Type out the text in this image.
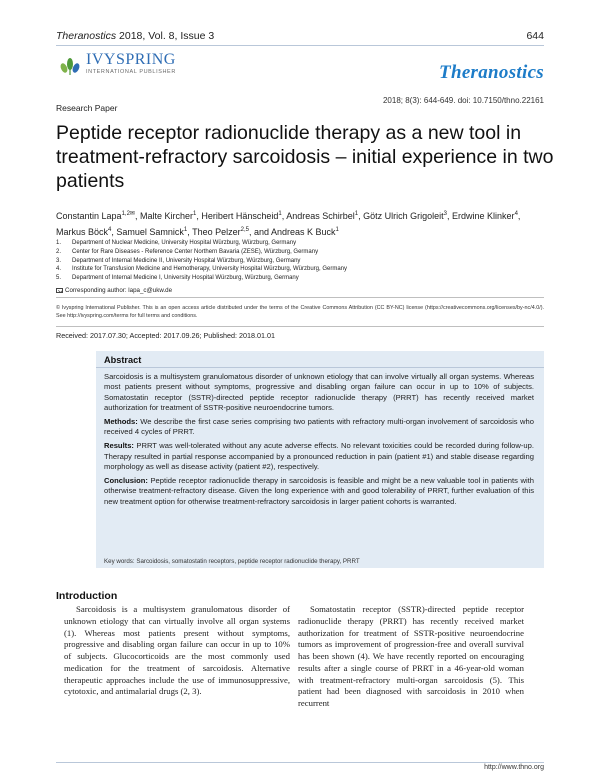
Theranostics 2018, Vol. 8, Issue 3	644
IVYSPRING
INTERNATIONAL PUBLISHER	Theranostics
2018; 8(3): 644-649. doi: 10.7150/thno.22161
Research Paper
Peptide receptor radionuclide therapy as a new tool in treatment-refractory sarcoidosis – initial experience in two patients
Constantin Lapa$^{1,2✉}$, Malte Kircher$^1$, Heribert Hänscheid$^1$, Andreas Schirbel$^1$, Götz Ulrich Grigoleit$^3$, Erdwine Klinker$^4$, Markus Böck$^4$, Samuel Samnick$^1$, Theo Pelzer$^{2,5}$, and Andreas K Buck$^1$
1.	Department of Nuclear Medicine, University Hospital Würzburg, Würzburg, Germany
2.	Center for Rare Diseases - Reference Center Northern Bavaria (ZESE), Würzburg, Germany
3.	Department of Internal Medicine II, University Hospital Würzburg, Würzburg, Germany
4.	Institute for Transfusion Medicine and Hemotherapy, University Hospital Würzburg, Würzburg, Germany
5.	Department of Internal Medicine I, University Hospital Würzburg, Würzburg, Germany
Corresponding author: lapa_c@ukw.de
© Ivyspring International Publisher. This is an open access article distributed under the terms of the Creative Commons Attribution (CC BY-NC) license (https://creativecommons.org/licenses/by-nc/4.0/). See http://ivyspring.com/terms for full terms and conditions.
Received: 2017.07.30; Accepted: 2017.09.26; Published: 2018.01.01
Abstract

Sarcoidosis is a multisystem granulomatous disorder of unknown etiology that can involve virtually all organ systems. Whereas most patients present without symptoms, progressive and disabling organ failure can occur in up to 10% of subjects. Somatostatin receptor (SSTR)-directed peptide receptor radionuclide therapy (PRRT) has recently received market authorization for treatment of SSTR-positive neuroendocrine tumors.

Methods: We describe the first case series comprising two patients with refractory multi-organ involvement of sarcoidosis who received 4 cycles of PRRT.

Results: PRRT was well-tolerated without any acute adverse effects. No relevant toxicities could be recorded during follow-up. Therapy resulted in partial response accompanied by a pronounced reduction in pain (patient #1) and stable disease regarding morphology as well as disease activity (patient #2), respectively.

Conclusion: Peptide receptor radionuclide therapy in sarcoidosis is feasible and might be a new valuable tool in patients with otherwise treatment-refractory disease. Given the long experience with and good tolerability of PRRT, further evaluation of this new treatment option for otherwise treatment-refractory sarcoidosis in larger patient cohorts is warranted.

Key words: Sarcoidosis, somatostatin receptors, peptide receptor radionuclide therapy, PRRT
Introduction
Sarcoidosis is a multisystem granulomatous disorder of unknown etiology that can virtually involve all organ systems (1). Whereas most patients present without symptoms, progressive and disabling organ failure can occur in up to 10% of subjects. Glucocorticoids are the most commonly used medication for the treatment of sarcoidosis. Alternative therapeutic approaches include the use of immunosuppressive, cytotoxic, and antimalarial drugs (2, 3).
Somatostatin receptor (SSTR)-directed peptide receptor radionuclide therapy (PRRT) has recently received market authorization for treatment of SSTR-positive neuroendocrine tumors as improvement of progression-free and overall survival has been shown (4). We have recently reported on encouraging results after a single course of PRRT in a 46-year-old woman with treatment-refractory multi-organ sarcoidosis (5). This patient had been diagnosed with sarcoidosis in 2010 when recurrent
http://www.thno.org
